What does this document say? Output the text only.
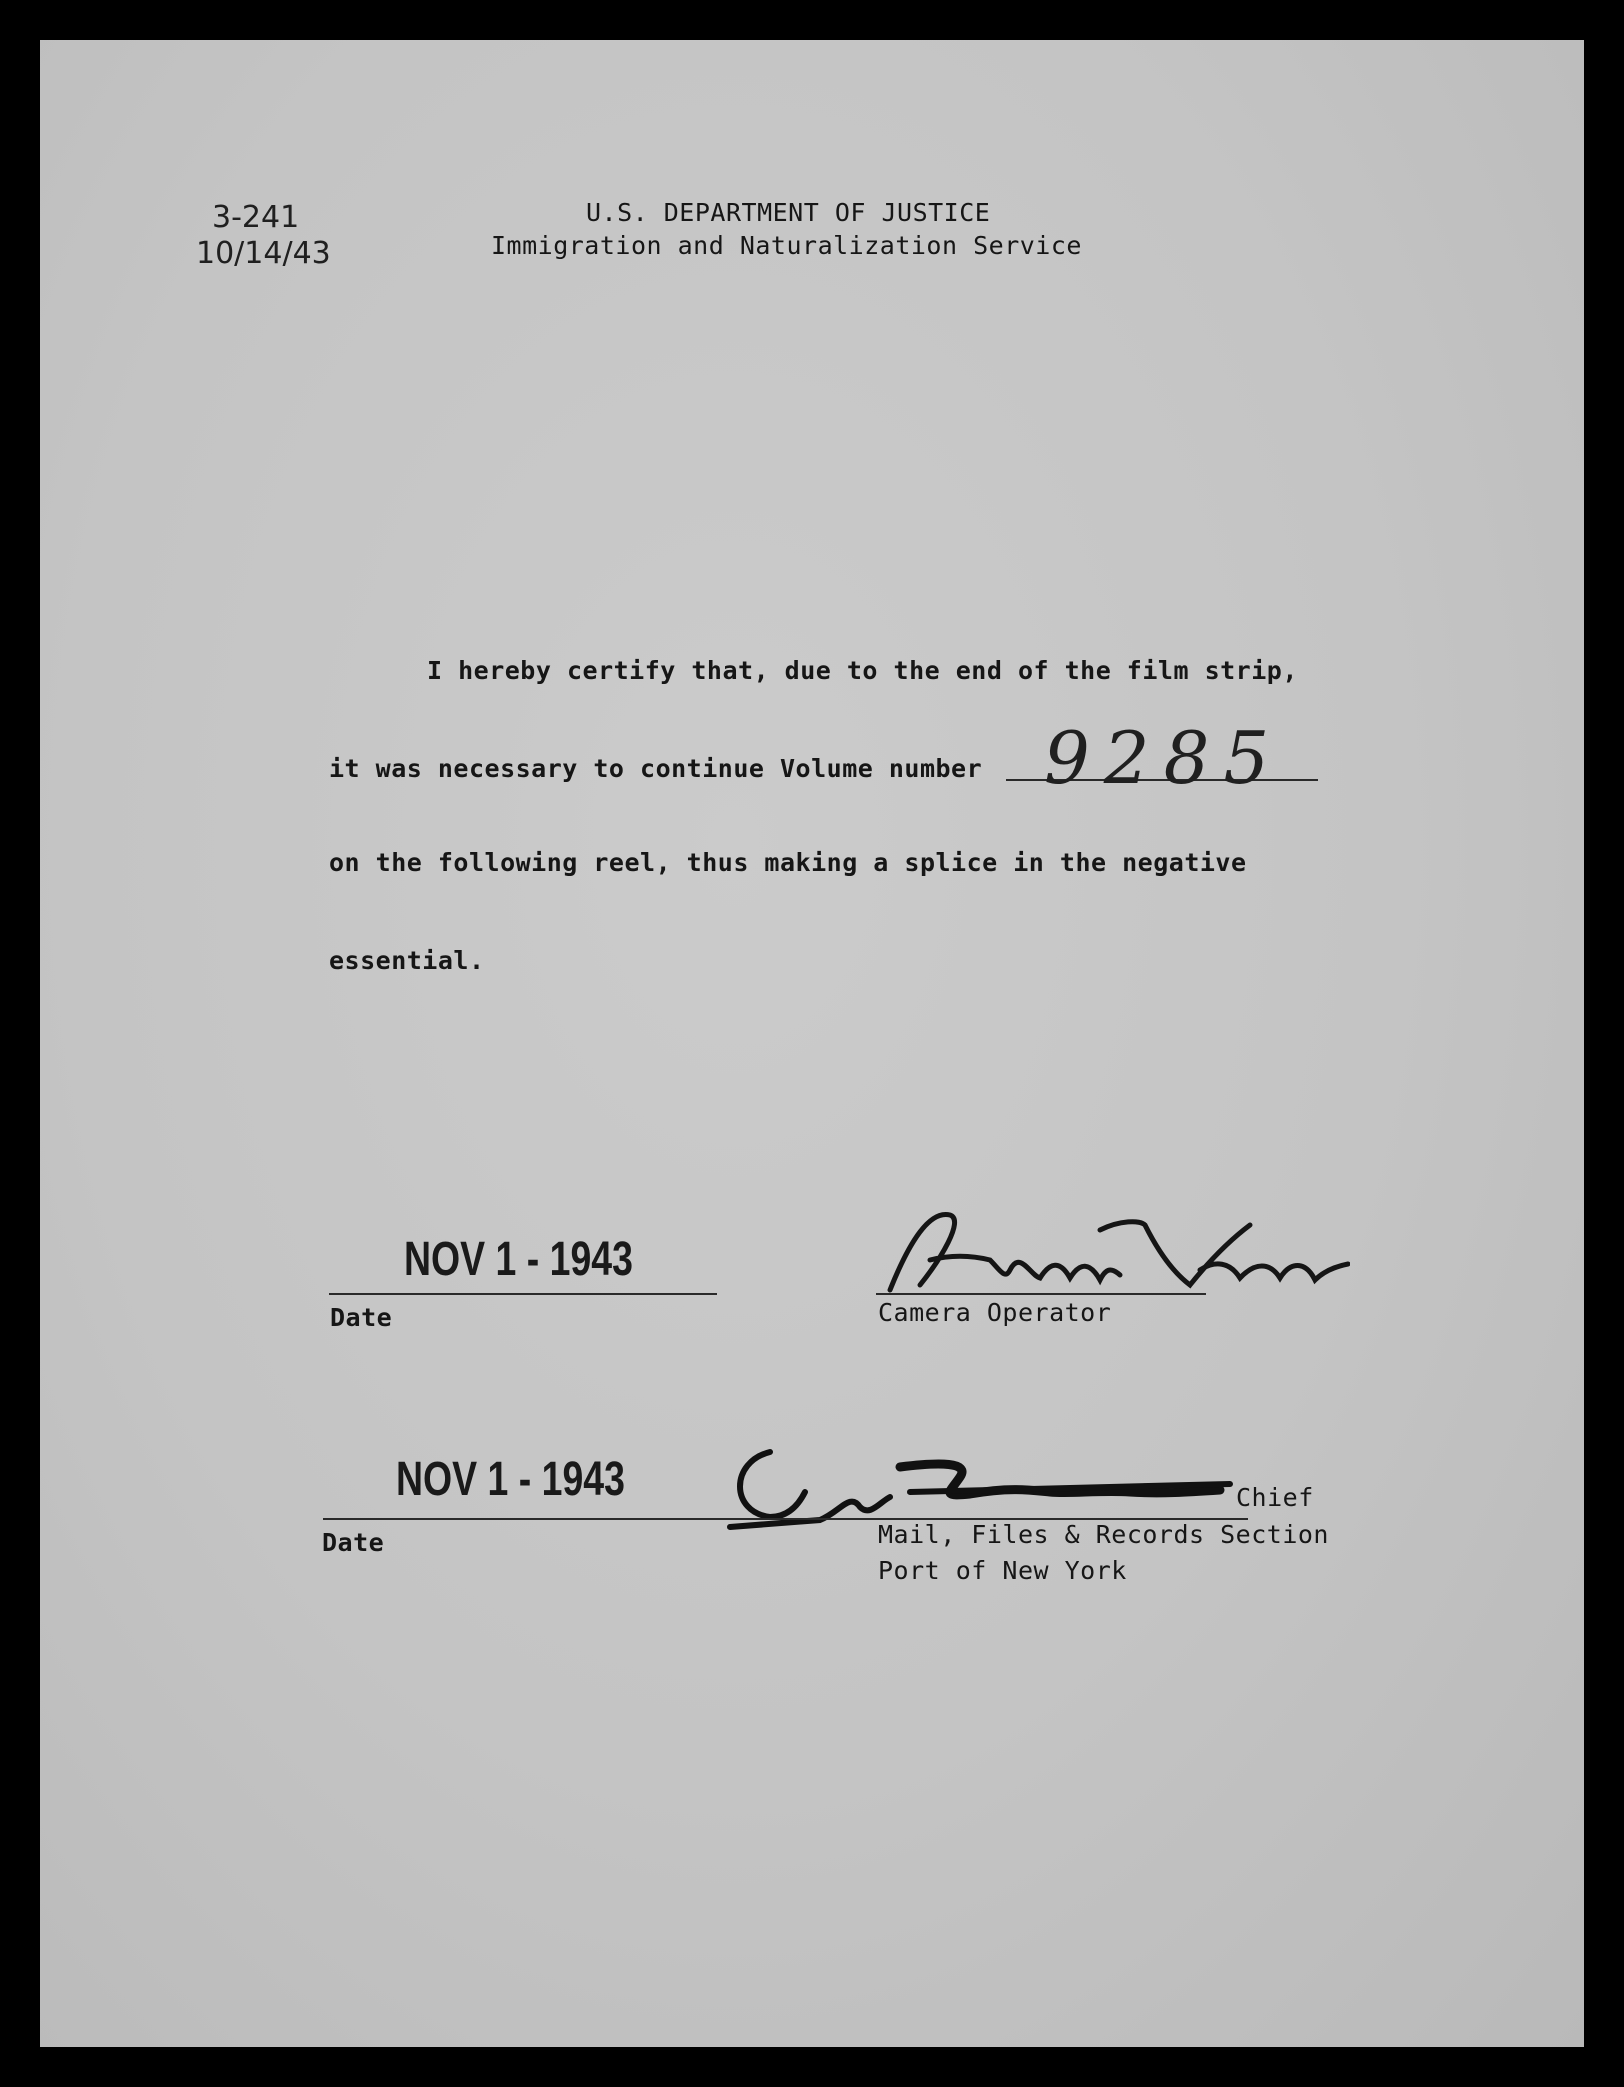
3-241
10/14/43
U.S. DEPARTMENT OF JUSTICE
Immigration and Naturalization Service
I hereby certify that, due to the end of the film strip,
it was necessary to continue Volume number 9285
on the following reel, thus making a splice in the negative
essential.
NOV 1 - 1943
Date	Camera Operator
NOV 1 - 1943
Date
Chief
Mail, Files & Records Section
Port of New York
